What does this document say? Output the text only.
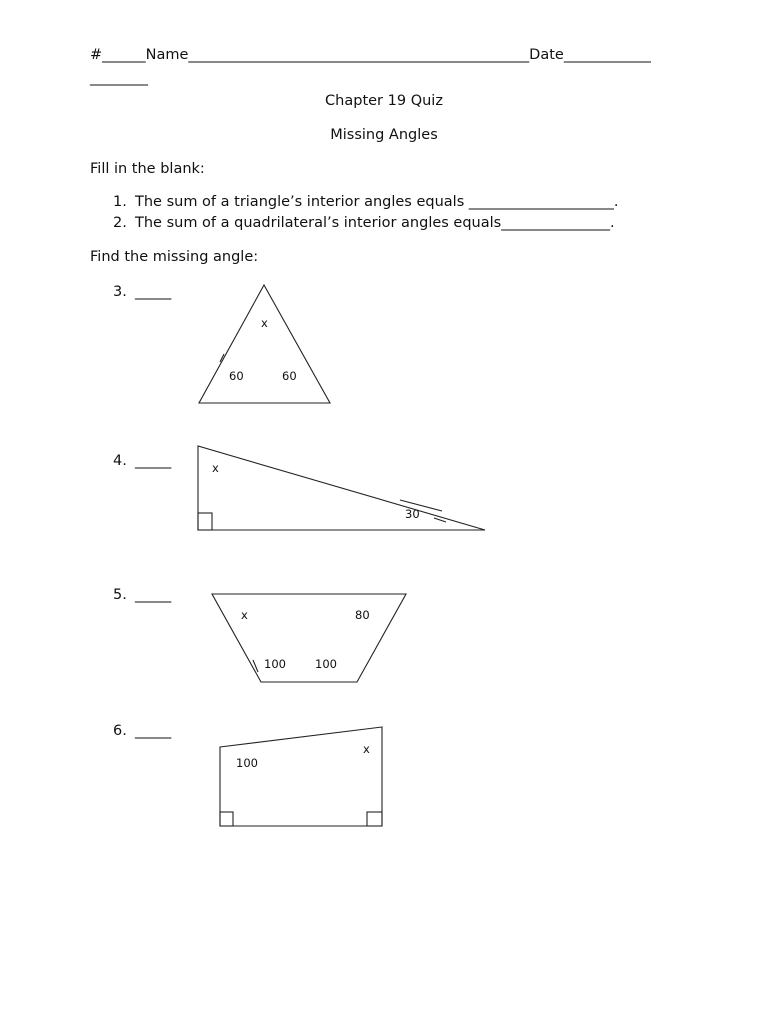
#______Name_______________________________________________Date____________
________
Chapter 19 Quiz
Missing Angles
Fill in the blank:
1. The sum of a triangle’s interior angles equals ____________________.
2. The sum of a quadrilateral’s interior angles equals_______________.
Find the missing angle:
3. _____
4. _____
5. _____
6. _____
x
60	60
x
30
x	80
100	100
100
x
